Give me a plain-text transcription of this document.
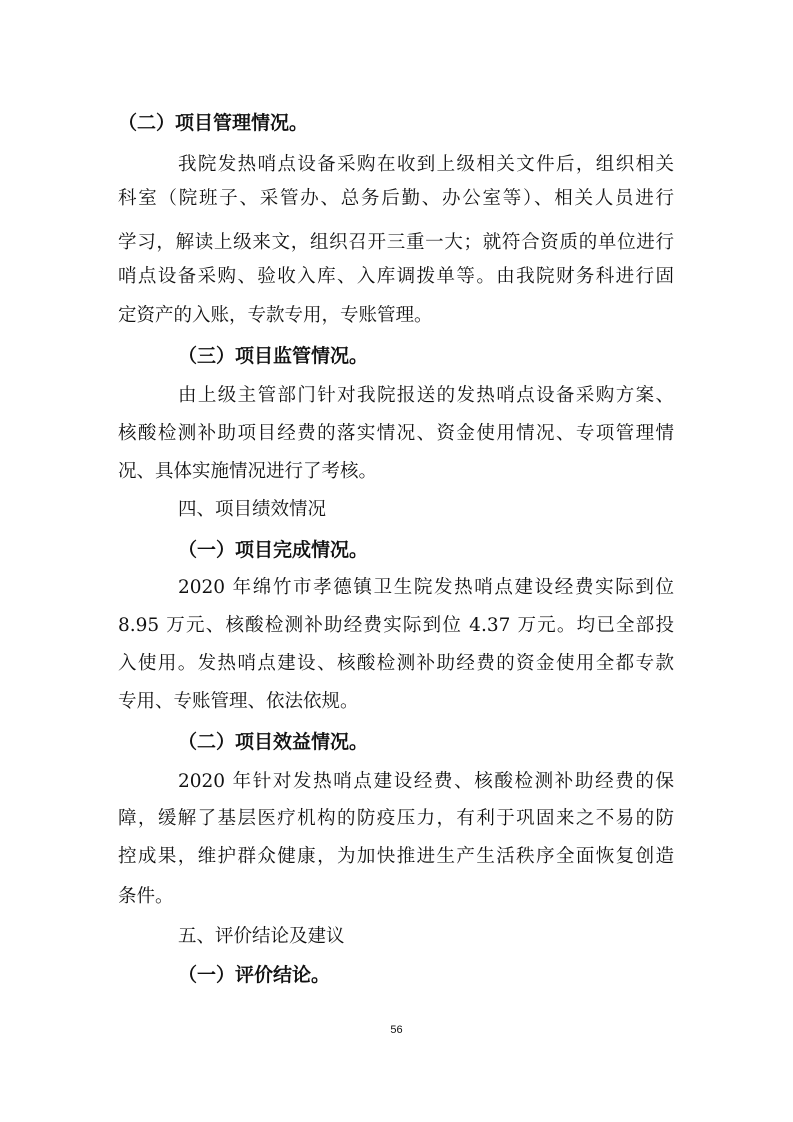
（二）项目管理情况。
我院发热哨点设备采购在收到上级相关文件后，组织相关
科室（院班子、采管办、总务后勤、办公室等）、相关人员进行
学习，解读上级来文，组织召开三重一大；就符合资质的单位进行
哨点设备采购、验收入库、入库调拨单等。由我院财务科进行固
定资产的入账，专款专用，专账管理。
（三）项目监管情况。
由上级主管部门针对我院报送的发热哨点设备采购方案、
核酸检测补助项目经费的落实情况、资金使用情况、专项管理情
况、具体实施情况进行了考核。
四、项目绩效情况
（一）项目完成情况。
2020 年绵竹市孝德镇卫生院发热哨点建设经费实际到位
8.95 万元、核酸检测补助经费实际到位 4.37 万元。均已全部投
入使用。发热哨点建设、核酸检测补助经费的资金使用全都专款
专用、专账管理、依法依规。
（二）项目效益情况。
2020 年针对发热哨点建设经费、核酸检测补助经费的保
障，缓解了基层医疗机构的防疫压力，有利于巩固来之不易的防
控成果，维护群众健康，为加快推进生产生活秩序全面恢复创造
条件。
五、评价结论及建议
（一）评价结论。
56
